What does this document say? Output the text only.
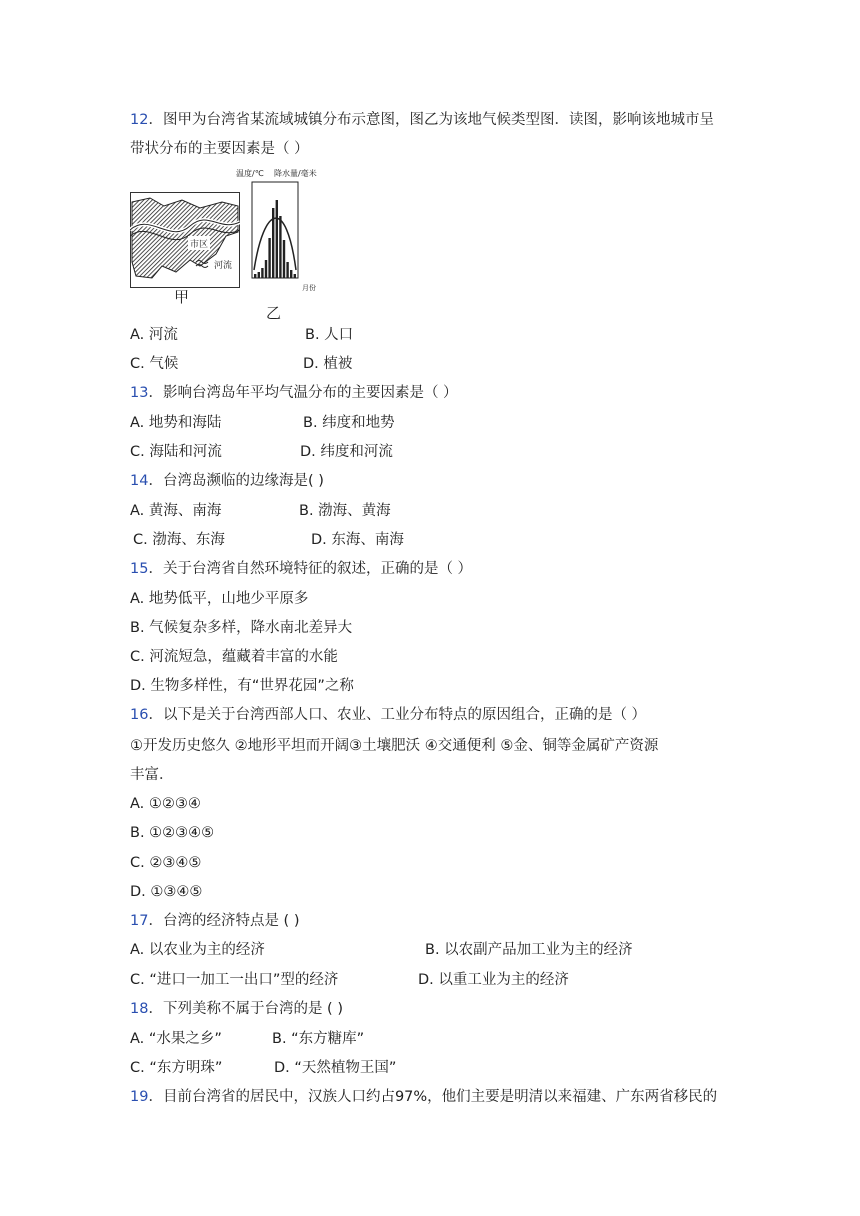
12．图甲为台湾省某流域城镇分布示意图，图乙为该地气候类型图．读图，影响该地城市呈
带状分布的主要因素是（ ）
市区
河流
甲
温度/℃ 降水量/毫米
月份
乙
A. 河流	B. 人口
C. 气候	D. 植被
13．影响台湾岛年平均气温分布的主要因素是（ ）
A. 地势和海陆	B. 纬度和地势
C. 海陆和河流	D. 纬度和河流
14．台湾岛濒临的边缘海是( )
A. 黄海、南海	B. 渤海、黄海
C. 渤海、东海	D. 东海、南海
15．关于台湾省自然环境特征的叙述，正确的是（ ）
A. 地势低平，山地少平原多
B. 气候复杂多样，降水南北差异大
C. 河流短急，蕴藏着丰富的水能
D. 生物多样性，有“世界花园”之称
16．以下是关于台湾西部人口、农业、工业分布特点的原因组合，正确的是（ ）
①开发历史悠久 ②地形平坦而开阔③土壤肥沃 ④交通便利 ⑤金、铜等金属矿产资源
丰富．
A. ①②③④
B. ①②③④⑤
C. ②③④⑤
D. ①③④⑤
17．台湾的经济特点是 ( )
A. 以农业为主的经济	B. 以农副产品加工业为主的经济
C. “进口一加工一出口”型的经济	D. 以重工业为主的经济
18．下列美称不属于台湾的是 ( )
A. “水果之乡”	B. “东方糖库”
C. “东方明珠”	D. “天然植物王国”
19．目前台湾省的居民中，汉族人口约占97%，他们主要是明清以来福建、广东两省移民的
